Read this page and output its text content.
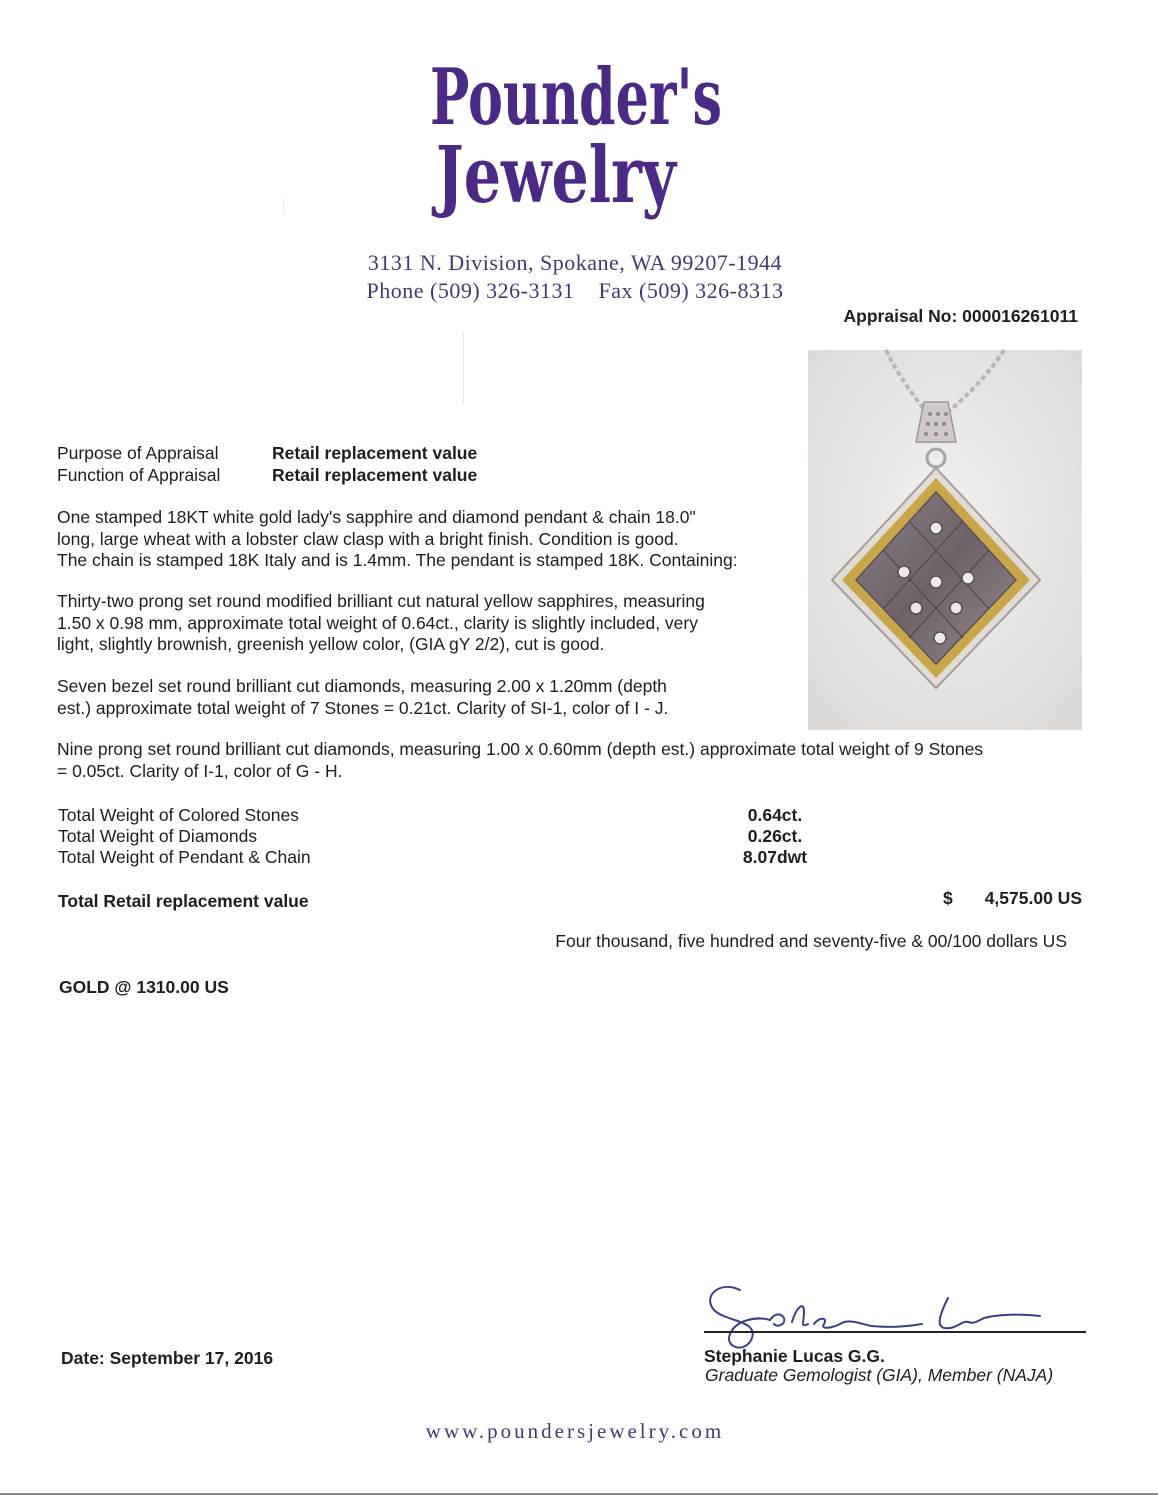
Pounder's
Jewelry
3131 N. Division, Spokane, WA 99207-1944
Phone (509) 326-3131 Fax (509) 326-8313
Appraisal No: 000016261011
Purpose of Appraisal	Retail replacement value
Function of Appraisal	Retail replacement value
One stamped 18KT white gold lady's sapphire and diamond pendant & chain 18.0"
long, large wheat with a lobster claw clasp with a bright finish. Condition is good.
The chain is stamped 18K Italy and is 1.4mm. The pendant is stamped 18K. Containing:
Thirty-two prong set round modified brilliant cut natural yellow sapphires, measuring
1.50 x 0.98 mm, approximate total weight of 0.64ct., clarity is slightly included, very
light, slightly brownish, greenish yellow color, (GIA gY 2/2), cut is good.
Seven bezel set round brilliant cut diamonds, measuring 2.00 x 1.20mm (depth
est.) approximate total weight of 7 Stones = 0.21ct. Clarity of SI-1, color of I - J.
Nine prong set round brilliant cut diamonds, measuring 1.00 x 0.60mm (depth est.) approximate total weight of 9 Stones
= 0.05ct. Clarity of I-1, color of G - H.
Total Weight of Colored Stones	0.64ct.
Total Weight of Diamonds	0.26ct.
Total Weight of Pendant & Chain	8.07dwt
Total Retail replacement value	$ 4,575.00 US
Four thousand, five hundred and seventy-five & 00/100 dollars US
GOLD @ 1310.00 US
Stephanie Lucas G.G.
Graduate Gemologist (GIA), Member (NAJA)
Date: September 17, 2016
www.poundersjewelry.com
